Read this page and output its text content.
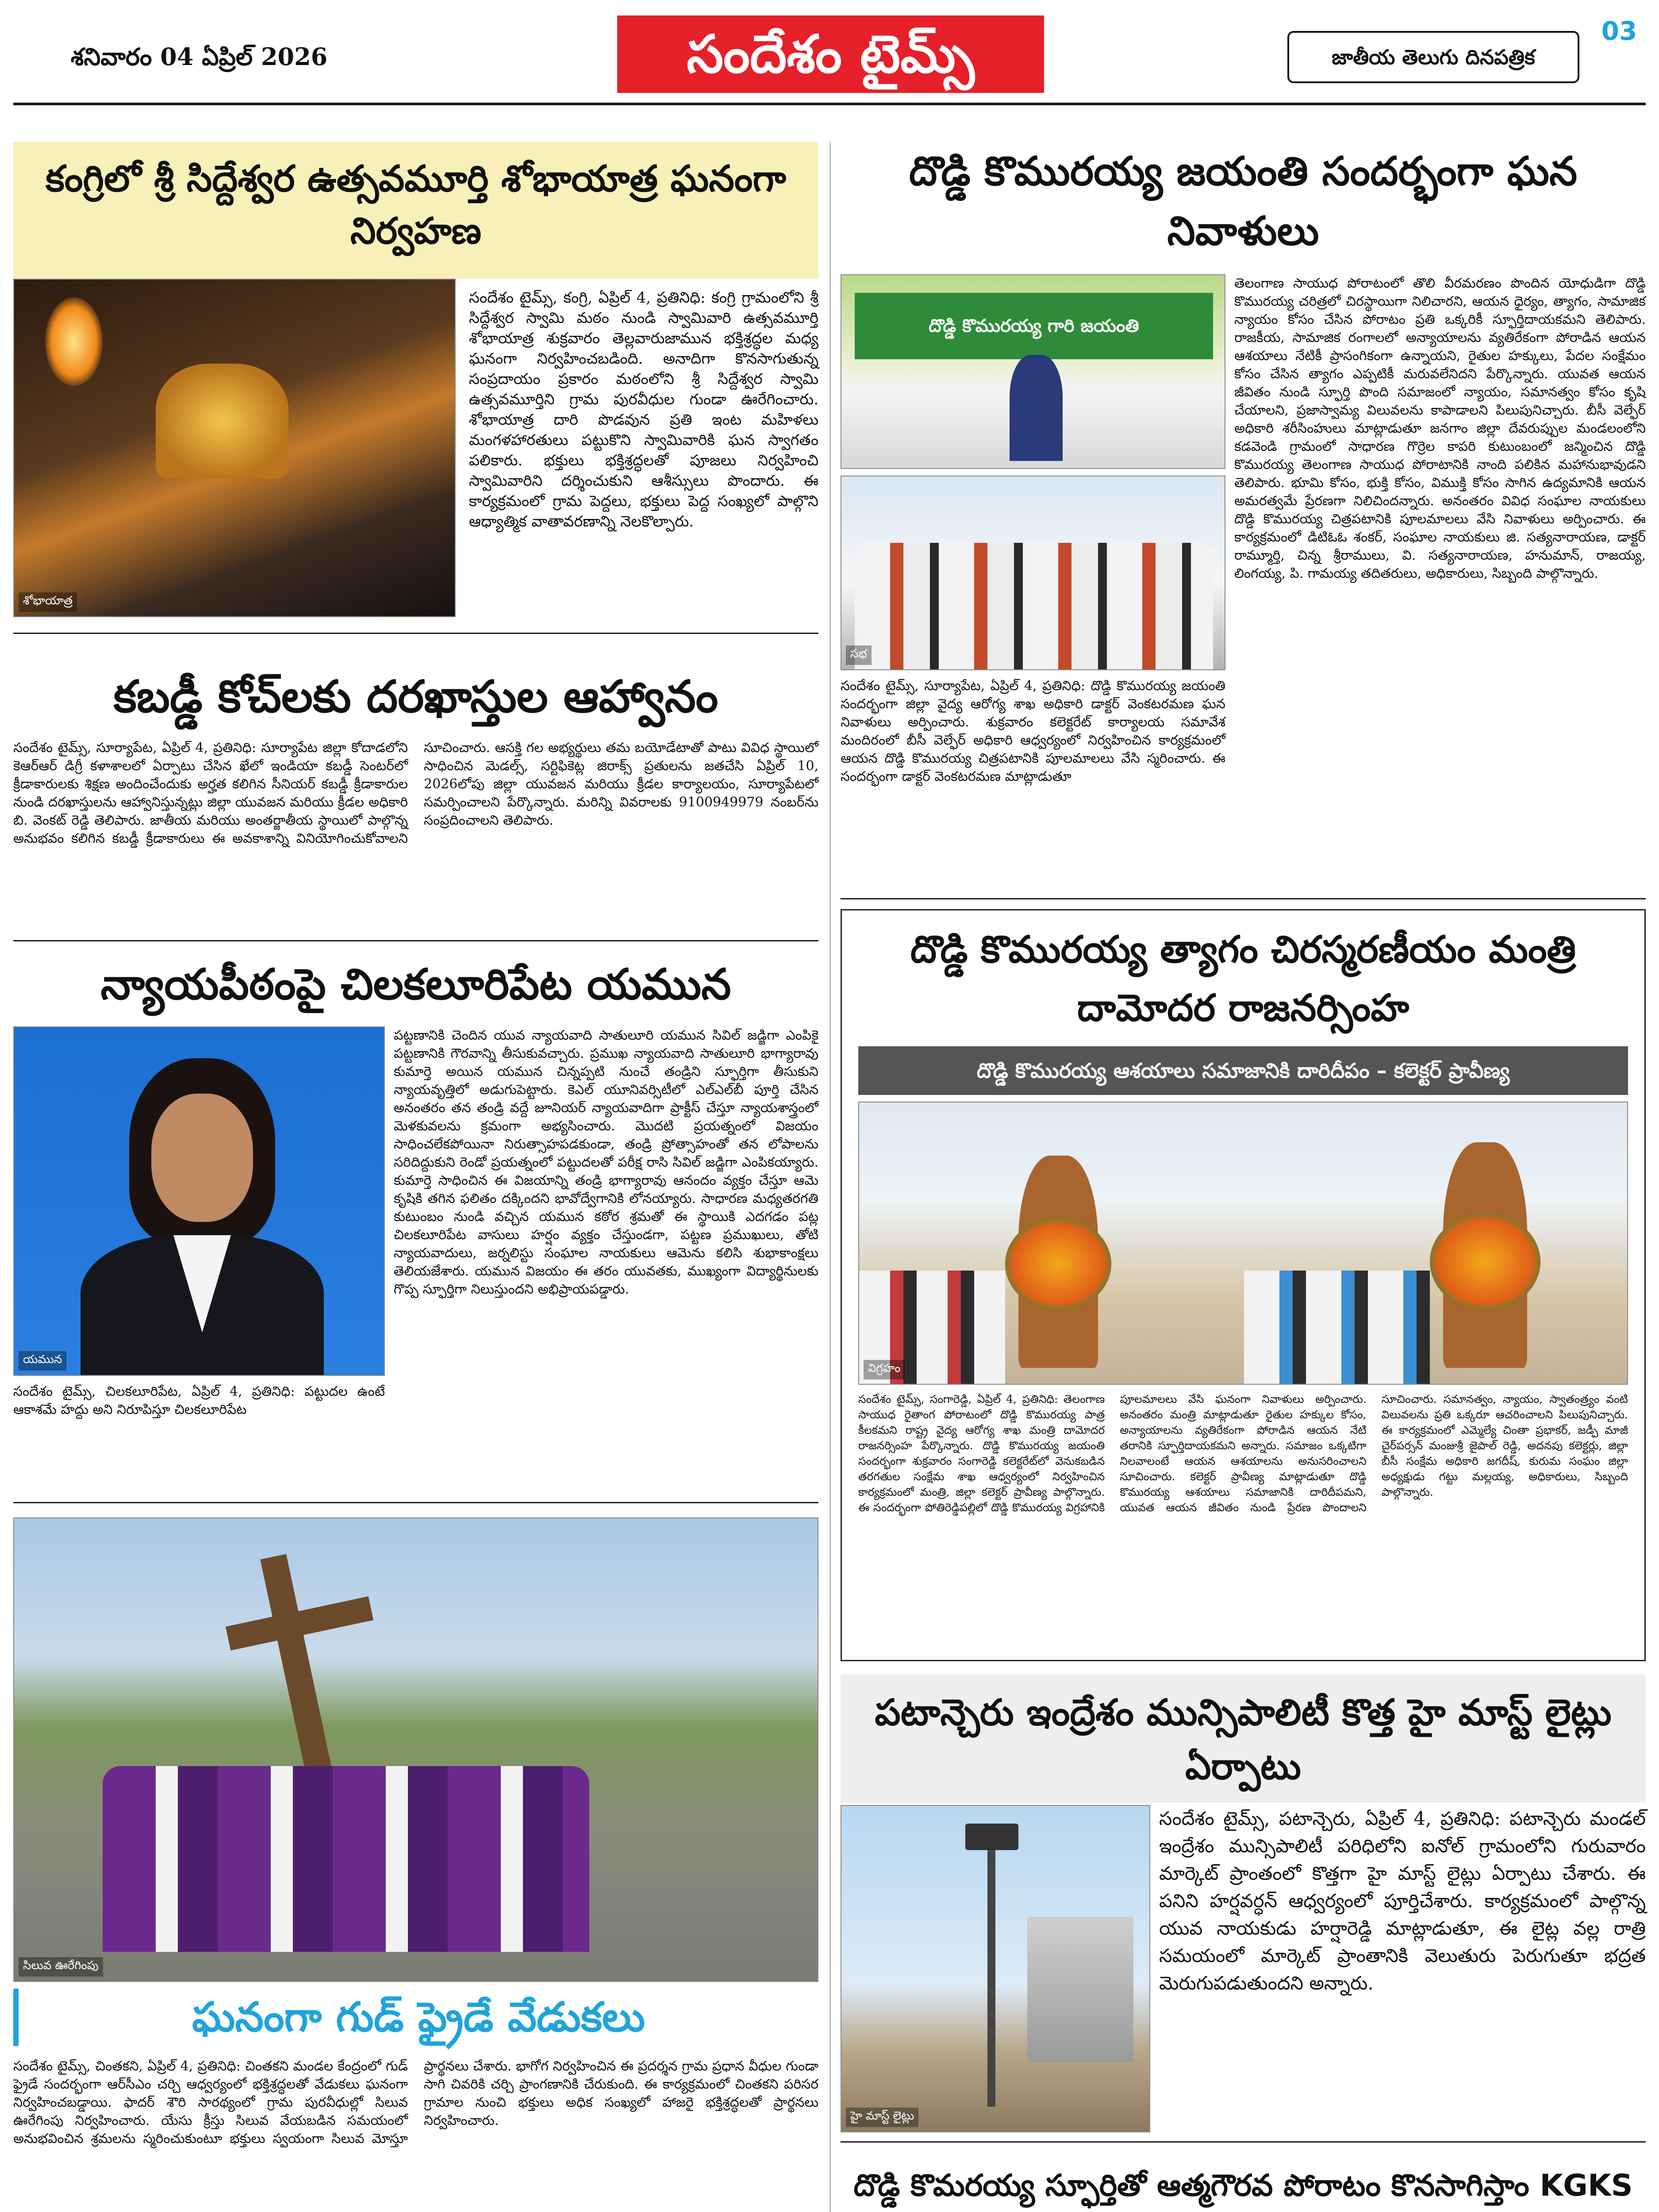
శనివారం 04 ఏప్రిల్ 2026	సందేశం టైమ్స్	జాతీయ తెలుగు దినపత్రిక
03
కంగ్రిలో శ్రీ సిద్దేశ్వర ఉత్సవమూర్తి శోభాయాత్ర ఘనంగా నిర్వహణ
శోభాయాత్ర

సందేశం టైమ్స్, కంగ్రి, ఏప్రిల్ 4, ప్రతినిధి: కంగ్రి గ్రామంలోని శ్రీ సిద్దేశ్వర స్వామి మఠం నుండి స్వామివారి ఉత్సవమూర్తి శోభాయాత్ర శుక్రవారం తెల్లవారుజామున భక్తిశ్రద్ధల మధ్య ఘనంగా నిర్వహించబడింది. అనాదిగా కొనసాగుతున్న సంప్రదాయం ప్రకారం మఠంలోని శ్రీ సిద్దేశ్వర స్వామి ఉత్సవమూర్తిని గ్రామ పురవీధుల గుండా ఊరేగించారు. శోభాయాత్ర దారి పొడవున ప్రతి ఇంట మహిళలు మంగళహారతులు పట్టుకొని స్వామివారికి ఘన స్వాగతం పలికారు. భక్తులు భక్తిశ్రద్ధలతో పూజలు నిర్వహించి స్వామివారిని దర్శించుకుని ఆశీస్సులు పొందారు. ఈ కార్యక్రమంలో గ్రామ పెద్దలు, భక్తులు పెద్ద సంఖ్యలో పాల్గొని ఆధ్యాత్మిక వాతావరణాన్ని నెలకొల్పారు.

కబడ్డీ కోచ్‌లకు దరఖాస్తుల ఆహ్వానం

సందేశం టైమ్స్, సూర్యాపేట, ఏప్రిల్ 4, ప్రతినిధి: సూర్యాపేట జిల్లా కోదాడలోని కెఆర్ఆర్ డిగ్రీ కళాశాలలో ఏర్పాటు చేసిన ఖేలో ఇండియా కబడ్డీ సెంటర్‌లో క్రీడాకారులకు శిక్షణ అందించేందుకు అర్హత కలిగిన సీనియర్ కబడ్డీ క్రీడాకారుల నుండి దరఖాస్తులను ఆహ్వానిస్తున్నట్లు జిల్లా యువజన మరియు క్రీడల అధికారి బి. వెంకట్ రెడ్డి తెలిపారు. జాతీయ మరియు అంతర్జాతీయ స్థాయిలో పాల్గొన్న అనుభవం కలిగిన కబడ్డీ క్రీడాకారులు ఈ అవకాశాన్ని వినియోగించుకోవాలని సూచించారు. ఆసక్తి గల అభ్యర్థులు తమ బయోడేటాతో పాటు వివిధ స్థాయిలో సాధించిన మెడల్స్, సర్టిఫికెట్ల జిరాక్స్ ప్రతులను జతచేసి ఏప్రిల్ 10, 2026లోపు జిల్లా యువజన మరియు క్రీడల కార్యాలయం, సూర్యాపేటలో సమర్పించాలని పేర్కొన్నారు. మరిన్ని వివరాలకు 9100949979 నంబర్‌ను సంప్రదించాలని తెలిపారు.

న్యాయపీఠంపై చిలకలూరిపేట యమున
యమున

సందేశం టైమ్స్, చిలకలూరిపేట, ఏప్రిల్ 4, ప్రతినిధి: పట్టుదల ఉంటే ఆకాశమే హద్దు అని నిరూపిస్తూ చిలకలూరిపేట

పట్టణానికి చెందిన యువ న్యాయవాది సాతులూరి యమున సివిల్ జడ్జిగా ఎంపికై పట్టణానికి గౌరవాన్ని తీసుకువచ్చారు. ప్రముఖ న్యాయవాది సాతులూరి భాగ్యారావు కుమార్తె అయిన యమున చిన్నప్పటి నుంచే తండ్రిని స్ఫూర్తిగా తీసుకుని న్యాయవృత్తిలో అడుగుపెట్టారు. కెఎల్ యూనివర్సిటీలో ఎల్ఎల్‌బీ పూర్తి చేసిన అనంతరం తన తండ్రి వద్దే జూనియర్ న్యాయవాదిగా ప్రాక్టీస్ చేస్తూ న్యాయశాస్త్రంలో మెళకువలను క్రమంగా అభ్యసించారు. మొదటి ప్రయత్నంలో విజయం సాధించలేకపోయినా నిరుత్సాహపడకుండా, తండ్రి ప్రోత్సాహంతో తన లోపాలను సరిదిద్దుకుని రెండో ప్రయత్నంలో పట్టుదలతో పరీక్ష రాసి సివిల్ జడ్జిగా ఎంపికయ్యారు. కుమార్తె సాధించిన ఈ విజయాన్ని తండ్రి భాగ్యారావు ఆనందం వ్యక్తం చేస్తూ ఆమె కృషికి తగిన ఫలితం దక్కిందని భావోద్వేగానికి లోనయ్యారు. సాధారణ మధ్యతరగతి కుటుంబం నుండి వచ్చిన యమున కఠోర శ్రమతో ఈ స్థాయికి ఎదగడం పట్ల చిలకలూరిపేట వాసులు హర్షం వ్యక్తం చేస్తుండగా, పట్టణ ప్రముఖులు, తోటి న్యాయవాదులు, జర్నలిస్టు సంఘాల నాయకులు ఆమెను కలిసి శుభాకాంక్షలు తెలియజేశారు. యమున విజయం ఈ తరం యువతకు, ముఖ్యంగా విద్యార్థినులకు గొప్ప స్ఫూర్తిగా నిలుస్తుందని అభిప్రాయపడ్డారు.

సిలువ ఊరేగింపు
ఘనంగా గుడ్ ఫ్రైడే వేడుకలు

సందేశం టైమ్స్, చింతకని, ఏప్రిల్ 4, ప్రతినిధి: చింతకని మండల కేంద్రంలో గుడ్ ఫ్రైడే సందర్భంగా ఆర్‌సీఎం చర్చి ఆధ్వర్యంలో భక్తిశ్రద్ధలతో వేడుకలు ఘనంగా నిర్వహించబడ్డాయి. ఫాదర్ శౌరి సారథ్యంలో గ్రామ పురవీధుల్లో సిలువ ఊరేగింపు నిర్వహించారు. యేసు క్రీస్తు సిలువ వేయబడిన సమయంలో అనుభవించిన శ్రమలను స్మరించుకుంటూ భక్తులు స్వయంగా సిలువ మోస్తూ ప్రార్థనలు చేశారు. భాగోగ నిర్వహించిన ఈ ప్రదర్శన గ్రామ ప్రధాన వీధుల గుండా సాగి చివరికి చర్చి ప్రాంగణానికి చేరుకుంది. ఈ కార్యక్రమంలో చింతకని పరిసర గ్రామాల నుంచి భక్తులు అధిక సంఖ్యలో హాజరై భక్తిశ్రద్ధలతో ప్రార్థనలు నిర్వహించారు.

దొడ్డి కొమురయ్య జయంతి సందర్భంగా ఘన నివాళులు
దొడ్డి కొమురయ్య గారి జయంతి
సభ

సందేశం టైమ్స్, సూర్యాపేట, ఏప్రిల్ 4, ప్రతినిధి: దొడ్డి కొమురయ్య జయంతి సందర్భంగా జిల్లా వైద్య ఆరోగ్య శాఖ అధికారి డాక్టర్ వెంకటరమణ ఘన నివాళులు అర్పించారు. శుక్రవారం కలెక్టరేట్ కార్యాలయ సమావేశ మందిరంలో బీసీ వెల్ఫేర్ అధికారి ఆధ్వర్యంలో నిర్వహించిన కార్యక్రమంలో ఆయన దొడ్డి కొమురయ్య చిత్రపటానికి పూలమాలలు వేసి స్మరించారు. ఈ సందర్భంగా డాక్టర్ వెంకటరమణ మాట్లాడుతూ

తెలంగాణ సాయుధ పోరాటంలో తొలి వీరమరణం పొందిన యోధుడిగా దొడ్డి కొమురయ్య చరిత్రలో చిరస్థాయిగా నిలిచారని, ఆయన ధైర్యం, త్యాగం, సామాజిక న్యాయం కోసం చేసిన పోరాటం ప్రతి ఒక్కరికీ స్ఫూర్తిదాయకమని తెలిపారు. రాజకీయ, సామాజిక రంగాలలో అన్యాయాలను వ్యతిరేకంగా పోరాడిన ఆయన ఆశయాలు నేటికీ ప్రాసంగికంగా ఉన్నాయని, రైతుల హక్కులు, పేదల సంక్షేమం కోసం చేసిన త్యాగం ఎప్పటికీ మరువలేనిదని పేర్కొన్నారు. యువత ఆయన జీవితం నుండి స్ఫూర్తి పొంది సమాజంలో న్యాయం, సమానత్వం కోసం కృషి చేయాలని, ప్రజాస్వామ్య విలువలను కాపాడాలని పిలుపునిచ్చారు. బీసీ వెల్ఫేర్ అధికారి శరీసింహులు మాట్లాడుతూ జనగాం జిల్లా దేవరుప్పుల మండలంలోని కడవెండి గ్రామంలో సాధారణ గొర్రెల కాపరి కుటుంబంలో జన్మించిన దొడ్డి కొమురయ్య తెలంగాణ సాయుధ పోరాటానికి నాంది పలికిన మహానుభావుడని తెలిపారు. భూమి కోసం, భుక్తి కోసం, విముక్తి కోసం సాగిన ఉద్యమానికి ఆయన అమరత్వమే ప్రేరణగా నిలిచిందన్నారు. అనంతరం వివిధ సంఘాల నాయకులు దొడ్డి కొమురయ్య చిత్రపటానికి పూలమాలలు వేసి నివాళులు అర్పించారు. ఈ కార్యక్రమంలో డిటిఓఓ శంకర్, సంఘాల నాయకులు జి. సత్యనారాయణ, డాక్టర్ రామ్మూర్తి, చిన్న శ్రీరాములు, వి. సత్యనారాయణ, హనుమాన్, రాజయ్య, లింగయ్య, పి. గామయ్య తదితరులు, అధికారులు, సిబ్బంది పాల్గొన్నారు.

దొడ్డి కొమురయ్య త్యాగం చిరస్మరణీయం మంత్రి దామోదర రాజనర్సింహ
దొడ్డి కొమురయ్య ఆశయాలు సమాజానికి దారిదీపం – కలెక్టర్ ప్రావీణ్య
విగ్రహం

సందేశం టైమ్స్, సంగారెడ్డి, ఏప్రిల్ 4, ప్రతినిధి: తెలంగాణ సాయుధ రైతాంగ పోరాటంలో దొడ్డి కొమురయ్య పాత్ర కీలకమని రాష్ట్ర వైద్య ఆరోగ్య శాఖ మంత్రి దామోదర రాజనర్సింహ పేర్కొన్నారు. దొడ్డి కొమురయ్య జయంతి సందర్భంగా శుక్రవారం సంగారెడ్డి కలెక్టరేట్‌లో వెనుకబడిన తరగతుల సంక్షేమ శాఖ ఆధ్వర్యంలో నిర్వహించిన కార్యక్రమంలో మంత్రి, జిల్లా కలెక్టర్ ప్రావీణ్య పాల్గొన్నారు. ఈ సందర్భంగా పోతిరెడ్డిపల్లిలో దొడ్డి కొమురయ్య విగ్రహానికి పూలమాలలు వేసి ఘనంగా నివాళులు అర్పించారు. అనంతరం మంత్రి మాట్లాడుతూ రైతుల హక్కుల కోసం, అన్యాయాలను వ్యతిరేకంగా పోరాడిన ఆయన నేటి తరానికి స్ఫూర్తిదాయకమని అన్నారు. సమాజం ఒక్కటిగా నిలవాలంటే ఆయన ఆశయాలను అనుసరించాలని సూచించారు. కలెక్టర్ ప్రావీణ్య మాట్లాడుతూ దొడ్డి కొమురయ్య ఆశయాలు సమాజానికి దారిదీపమని, యువత ఆయన జీవితం నుండి ప్రేరణ పొందాలని సూచించారు. సమానత్వం, న్యాయం, స్వాతంత్ర్యం వంటి విలువలను ప్రతి ఒక్కరూ ఆచరించాలని పిలుపునిచ్చారు. ఈ కార్యక్రమంలో ఎమ్మెల్యే చింతా ప్రభాకర్, జడ్పీ మాజీ చైర్‌పర్సన్ మంజుశ్రీ జైపాల్ రెడ్డి, అదనపు కలెక్టర్లు, జిల్లా బీసీ సంక్షేమ అధికారి జగదీష్, కురుమ సంఘం జిల్లా అధ్యక్షుడు గట్టు మల్లయ్య, అధికారులు, సిబ్బంది పాల్గొన్నారు.

పటాన్చెరు ఇంద్రేశం మున్సిపాలిటీ కొత్త హై మాస్ట్ లైట్లు ఏర్పాటు
హై మాస్ట్ లైట్లు

సందేశం టైమ్స్, పటాన్చెరు, ఏప్రిల్ 4, ప్రతినిధి: పటాన్చెరు మండల్ ఇంద్రేశం మున్సిపాలిటీ పరిధిలోని ఐనోల్ గ్రామంలోని గురువారం మార్కెట్ ప్రాంతంలో కొత్తగా హై మాస్ట్ లైట్లు ఏర్పాటు చేశారు. ఈ పనిని హర్షవర్ధన్ ఆధ్వర్యంలో పూర్తిచేశారు. కార్యక్రమంలో పాల్గొన్న యువ నాయకుడు హర్షారెడ్డి మాట్లాడుతూ, ఈ లైట్ల వల్ల రాత్రి సమయంలో మార్కెట్ ప్రాంతానికి వెలుతురు పెరుగుతూ భద్రత మెరుగుపడుతుందని అన్నారు.

దొడ్డి కొమరయ్య స్ఫూర్తితో ఆత్మగౌరవ పోరాటం కొనసాగిస్తాం KGKS
